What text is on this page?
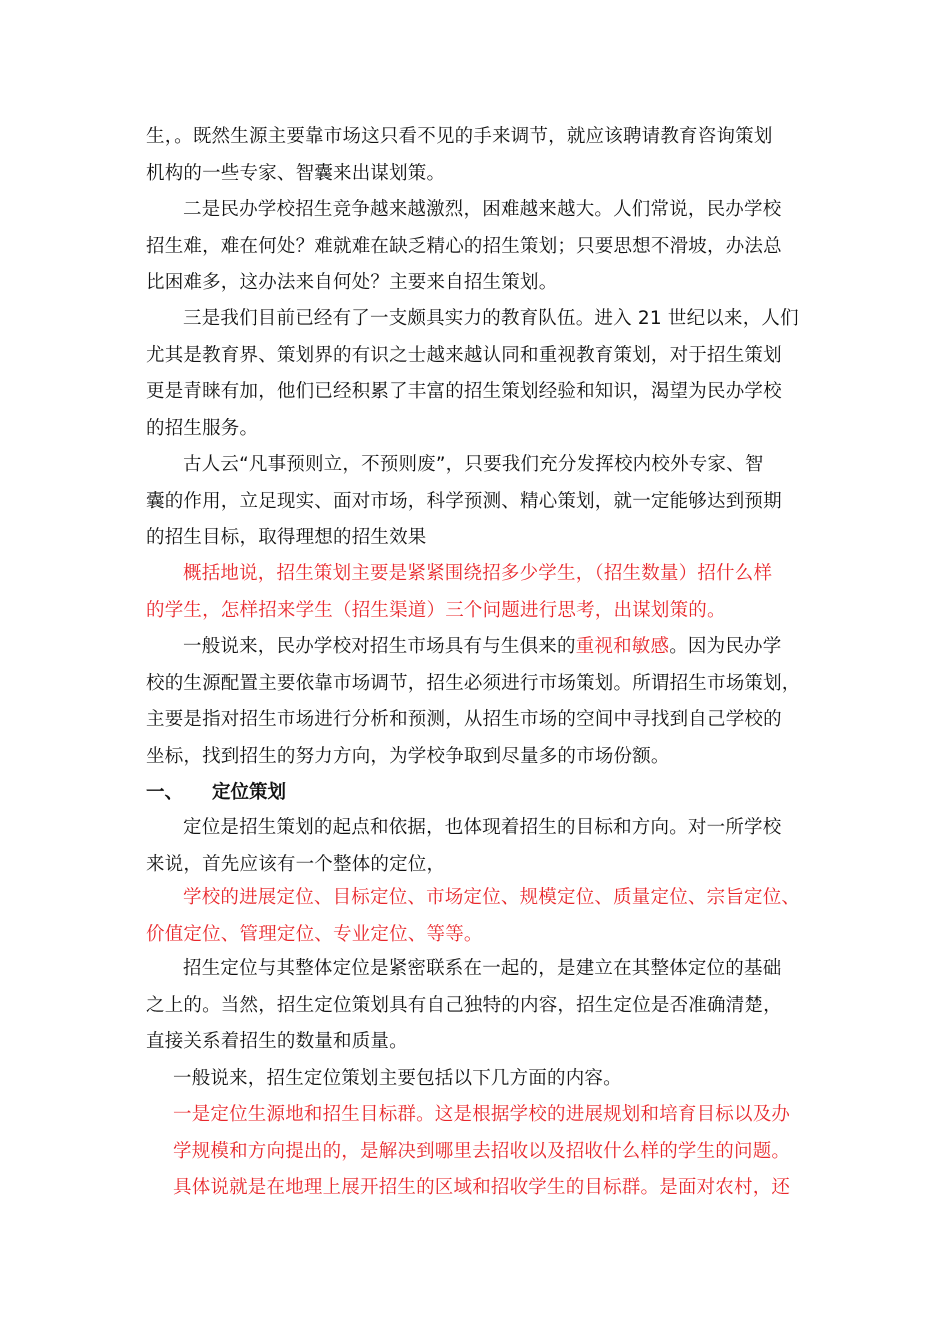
生，。既然生源主要靠市场这只看不见的手来调节，就应该聘请教育咨询策划
机构的一些专家、智囊来出谋划策。
二是民办学校招生竞争越来越激烈，困难越来越大。人们常说，民办学校
招生难，难在何处？难就难在缺乏精心的招生策划；只要思想不滑坡，办法总
比困难多，这办法来自何处？主要来自招生策划。
三是我们目前已经有了一支颇具实力的教育队伍。进入 21 世纪以来，人们
尤其是教育界、策划界的有识之士越来越认同和重视教育策划，对于招生策划
更是青睐有加，他们已经积累了丰富的招生策划经验和知识，渴望为民办学校
的招生服务。
古人云“凡事预则立，不预则废”，只要我们充分发挥校内校外专家、智
囊的作用，立足现实、面对市场，科学预测、精心策划，就一定能够达到预期
的招生目标，取得理想的招生效果
概括地说，招生策划主要是紧紧围绕招多少学生，（招生数量）招什么样
的学生，怎样招来学生（招生渠道）三个问题进行思考，出谋划策的。
一般说来，民办学校对招生市场具有与生俱来的重视和敏感。因为民办学
校的生源配置主要依靠市场调节，招生必须进行市场策划。所谓招生市场策划，
主要是指对招生市场进行分析和预测，从招生市场的空间中寻找到自己学校的
坐标，找到招生的努力方向，为学校争取到尽量多的市场份额。
一、 定位策划
定位是招生策划的起点和依据，也体现着招生的目标和方向。对一所学校
来说，首先应该有一个整体的定位，
学校的进展定位、目标定位、市场定位、规模定位、质量定位、宗旨定位、
价值定位、管理定位、专业定位、等等。
招生定位与其整体定位是紧密联系在一起的，是建立在其整体定位的基础
之上的。当然，招生定位策划具有自己独特的内容，招生定位是否准确清楚，
直接关系着招生的数量和质量。
一般说来，招生定位策划主要包括以下几方面的内容。
一是定位生源地和招生目标群。这是根据学校的进展规划和培育目标以及办
学规模和方向提出的，是解决到哪里去招收以及招收什么样的学生的问题。
具体说就是在地理上展开招生的区域和招收学生的目标群。是面对农村，还
